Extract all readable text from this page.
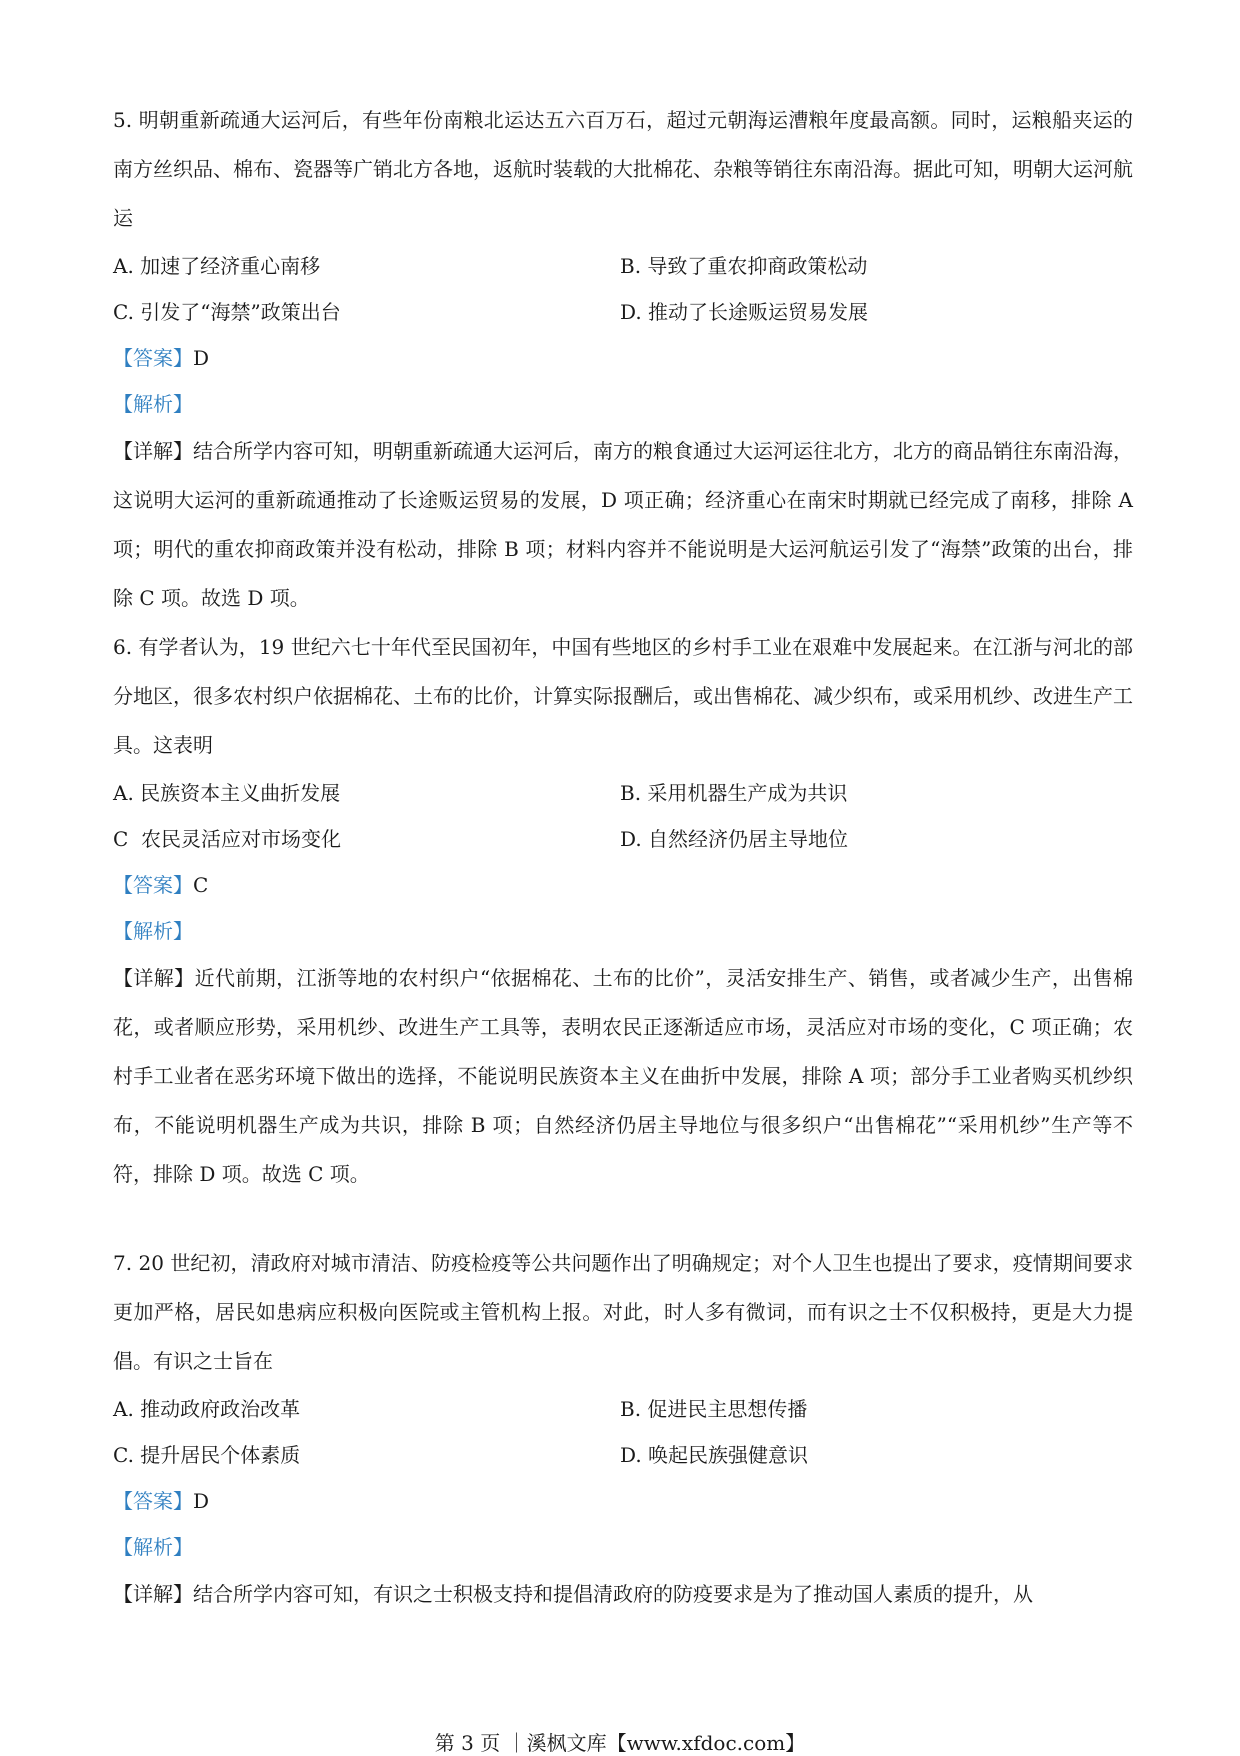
5. 明朝重新疏通大运河后，有些年份南粮北运达五六百万石，超过元朝海运漕粮年度最高额。同时，运粮船夹运的南方丝织品、棉布、瓷器等广销北方各地，返航时装载的大批棉花、杂粮等销往东南沿海。据此可知，明朝大运河航运

A. 加速了经济重心南移	B. 导致了重农抑商政策松动
C. 引发了“海禁”政策出台	D. 推动了长途贩运贸易发展
【答案】D
【解析】

【详解】结合所学内容可知，明朝重新疏通大运河后，南方的粮食通过大运河运往北方，北方的商品销往东南沿海，这说明大运河的重新疏通推动了长途贩运贸易的发展，D 项正确；经济重心在南宋时期就已经完成了南移，排除 A 项；明代的重农抑商政策并没有松动，排除 B 项；材料内容并不能说明是大运河航运引发了“海禁”政策的出台，排除 C 项。故选 D 项。

6. 有学者认为，19 世纪六七十年代至民国初年，中国有些地区的乡村手工业在艰难中发展起来。在江浙与河北的部分地区，很多农村织户依据棉花、土布的比价，计算实际报酬后，或出售棉花、减少织布，或采用机纱、改进生产工具。这表明

A. 民族资本主义曲折发展	B. 采用机器生产成为共识
C  农民灵活应对市场变化	D. 自然经济仍居主导地位
【答案】C
【解析】

【详解】近代前期，江浙等地的农村织户“依据棉花、土布的比价”，灵活安排生产、销售，或者减少生产，出售棉花，或者顺应形势，采用机纱、改进生产工具等，表明农民正逐渐适应市场，灵活应对市场的变化，C 项正确；农村手工业者在恶劣环境下做出的选择，不能说明民族资本主义在曲折中发展，排除 A 项；部分手工业者购买机纱织布，不能说明机器生产成为共识，排除 B 项；自然经济仍居主导地位与很多织户“出售棉花”“采用机纱”生产等不符，排除 D 项。故选 C 项。

7. 20 世纪初，清政府对城市清洁、防疫检疫等公共问题作出了明确规定；对个人卫生也提出了要求，疫情期间要求更加严格，居民如患病应积极向医院或主管机构上报。对此，时人多有微词，而有识之士不仅积极持，更是大力提倡。有识之士旨在

A. 推动政府政治改革	B. 促进民主思想传播
C. 提升居民个体素质	D. 唤起民族强健意识
【答案】D
【解析】

【详解】结合所学内容可知，有识之士积极支持和提倡清政府的防疫要求是为了推动国人素质的提升，从

第 3 页 ｜溪枫文库【www.xfdoc.com】
